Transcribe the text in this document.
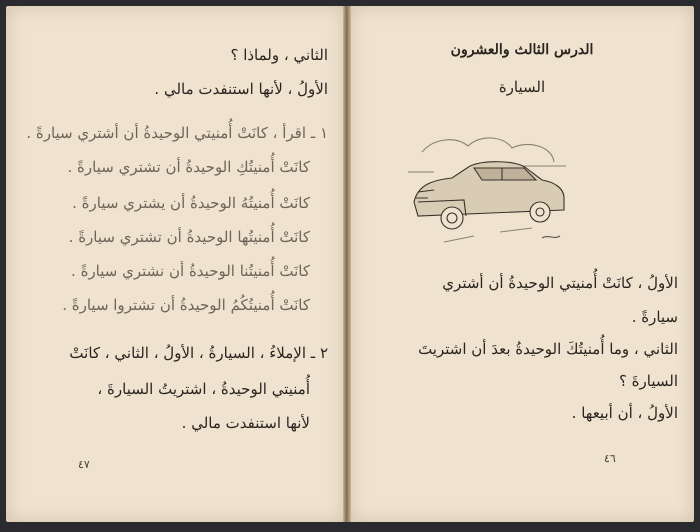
الثاني ، ولماذا ؟
الأولُ ، لأنها استنفدت مالي .
١ ـ اقرأ ، كانَتْ أُمنيتي الوحيدةُ أن أشتري سيارةً .
كانَتْ أُمنيتُكِ الوحيدةُ أن تشتري سيارةً .
كانَتْ أُمنيتُهُ الوحيدةُ أن يشتري سيارةً .
كانَتْ أُمنيتُها الوحيدةُ أن تشتري سيارةً .
كانَتْ أُمنيتُنا الوحيدةُ أن نشتري سيارةً .
كانَتْ أُمنيتُكُمُ الوحيدةُ أن تشتروا سيارةً .
٢ ـ الإملاءُ ، السيارةُ ، الأولُ ، الثاني ، كانَتْ
أُمنيتي الوحيدةُ ، اشتريتُ السيارةَ ،
لأنها استنفدت مالي .
٤٧
الدرس الثالث والعشرون
السيارة
الأولُ ، كانَتْ أُمنيتي الوحيدةُ أن أشتري
سيارةً .
الثاني ، وما أُمنيتُكَ الوحيدةُ بعدَ أن اشتريتَ
السيارةَ ؟
الأولُ ، أن أبيعها .
٤٦
